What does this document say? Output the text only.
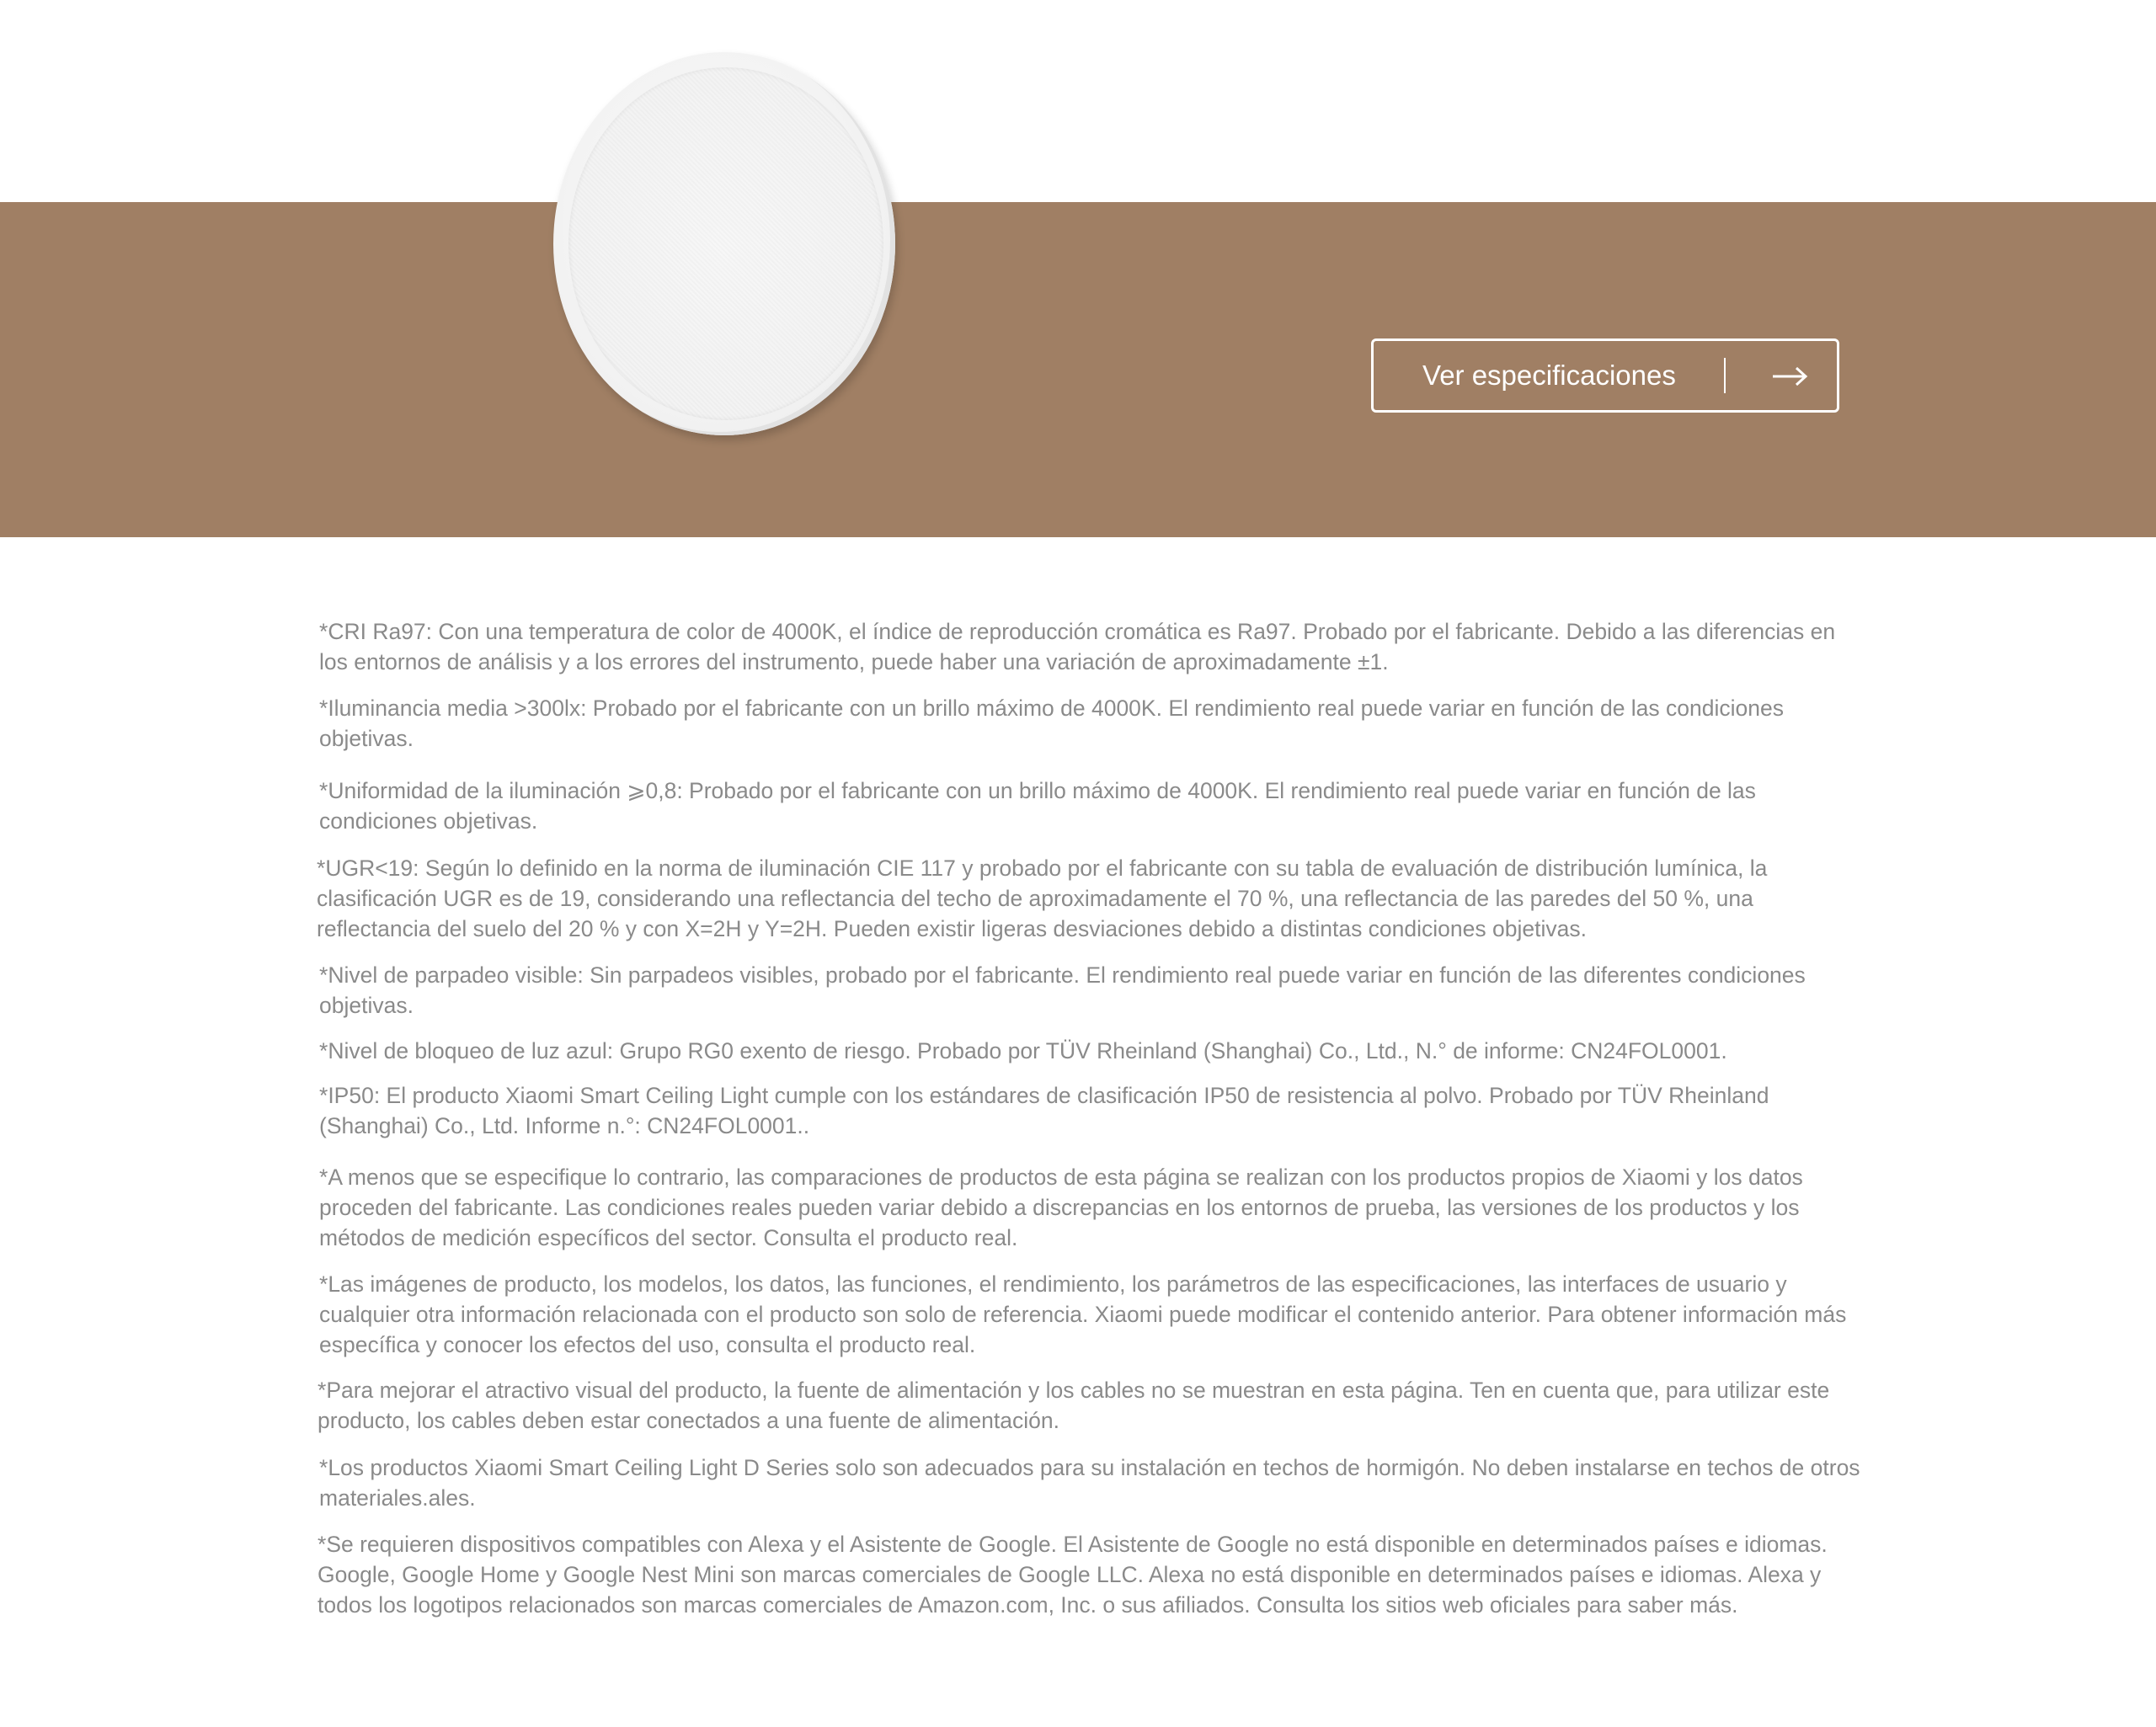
Ver especificaciones

*CRI Ra97: Con una temperatura de color de 4000K, el índice de reproducción cromática es Ra97. Probado por el fabricante. Debido a las diferencias en los entornos de análisis y a los errores del instrumento, puede haber una variación de aproximadamente ±1.

*Iluminancia media >300lx: Probado por el fabricante con un brillo máximo de 4000K. El rendimiento real puede variar en función de las condiciones objetivas.

*Uniformidad de la iluminación ⩾0,8: Probado por el fabricante con un brillo máximo de 4000K. El rendimiento real puede variar en función de las condiciones objetivas.

*UGR<19: Según lo definido en la norma de iluminación CIE 117 y probado por el fabricante con su tabla de evaluación de distribución lumínica, la clasificación UGR es de 19, considerando una reflectancia del techo de aproximadamente el 70 %, una reflectancia de las paredes del 50 %, una reflectancia del suelo del 20 % y con X=2H y Y=2H. Pueden existir ligeras desviaciones debido a distintas condiciones objetivas.

*Nivel de parpadeo visible: Sin parpadeos visibles, probado por el fabricante. El rendimiento real puede variar en función de las diferentes condiciones objetivas.

*Nivel de bloqueo de luz azul: Grupo RG0 exento de riesgo. Probado por TÜV Rheinland (Shanghai) Co., Ltd., N.° de informe: CN24FOL0001.

*IP50: El producto Xiaomi Smart Ceiling Light cumple con los estándares de clasificación IP50 de resistencia al polvo. Probado por TÜV Rheinland (Shanghai) Co., Ltd. Informe n.°: CN24FOL0001..

*A menos que se especifique lo contrario, las comparaciones de productos de esta página se realizan con los productos propios de Xiaomi y los datos proceden del fabricante. Las condiciones reales pueden variar debido a discrepancias en los entornos de prueba, las versiones de los productos y los métodos de medición específicos del sector. Consulta el producto real.

*Las imágenes de producto, los modelos, los datos, las funciones, el rendimiento, los parámetros de las especificaciones, las interfaces de usuario y cualquier otra información relacionada con el producto son solo de referencia. Xiaomi puede modificar el contenido anterior. Para obtener información más específica y conocer los efectos del uso, consulta el producto real.

*Para mejorar el atractivo visual del producto, la fuente de alimentación y los cables no se muestran en esta página. Ten en cuenta que, para utilizar este producto, los cables deben estar conectados a una fuente de alimentación.

*Los productos Xiaomi Smart Ceiling Light D Series solo son adecuados para su instalación en techos de hormigón. No deben instalarse en techos de otros materiales.ales.

*Se requieren dispositivos compatibles con Alexa y el Asistente de Google. El Asistente de Google no está disponible en determinados países e idiomas. Google, Google Home y Google Nest Mini son marcas comerciales de Google LLC. Alexa no está disponible en determinados países e idiomas. Alexa y todos los logotipos relacionados son marcas comerciales de Amazon.com, Inc. o sus afiliados. Consulta los sitios web oficiales para saber más.
